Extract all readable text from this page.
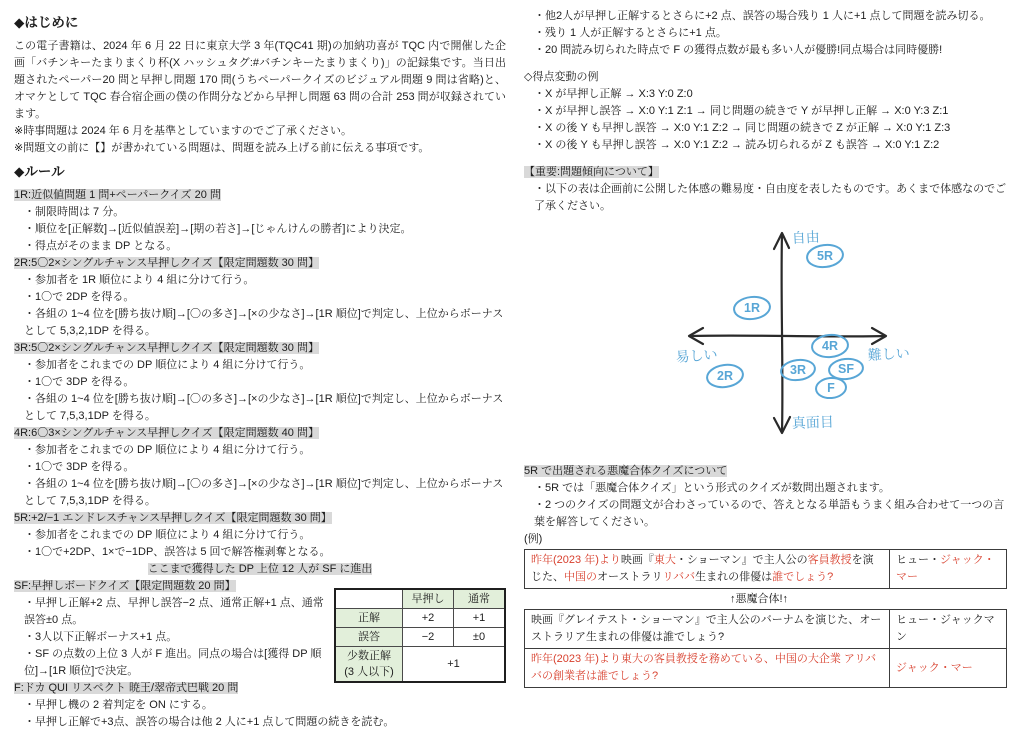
◆はじめに

この電子書籍は、2024 年 6 月 22 日に東京大学 3 年(TQC41 期)の加納功喜が TQC 内で開催した企画「バチンキーたまりまくり杯(X ハッシュタグ:#バチンキーたまりまくり)」の記録集です。当日出題されたペーパー20 問と早押し問題 170 問(うちペーパークイズのビジュアル問題 9 問は省略)と、オマケとして TQC 春合宿企画の僕の作問分などから早押し問題 63 問の合計 253 問が収録されています。

※時事問題は 2024 年 6 月を基準としていますのでご了承ください。

※問題文の前に【】が書かれている問題は、問題を読み上げる前に伝える事項です。

◆ルール
1R:近似値問題 1 問+ペーパークイズ 20 問
・制限時間は 7 分。
・順位を[正解数]→[近似値誤差]→[期の若さ]→[じゃんけんの勝者]により決定。
・得点がそのまま DP となる。
2R:5〇2×シングルチャンス早押しクイズ【限定問題数 30 問】
・参加者を 1R 順位により 4 組に分けて行う。
・1〇で 2DP を得る。
・各組の 1~4 位を[勝ち抜け順]→[〇の多さ]→[×の少なさ]→[1R 順位]で判定し、上位からボーナスとして 5,3,2,1DP を得る。
3R:5〇2×シングルチャンス早押しクイズ【限定問題数 30 問】
・参加者をこれまでの DP 順位により 4 組に分けて行う。
・1〇で 3DP を得る。
・各組の 1~4 位を[勝ち抜け順]→[〇の多さ]→[×の少なさ]→[1R 順位]で判定し、上位からボーナスとして 7,5,3,1DP を得る。
4R:6〇3×シングルチャンス早押しクイズ【限定問題数 40 問】
・参加者をこれまでの DP 順位により 4 組に分けて行う。
・1〇で 3DP を得る。
・各組の 1~4 位を[勝ち抜け順]→[〇の多さ]→[×の少なさ]→[1R 順位]で判定し、上位からボーナスとして 7,5,3,1DP を得る。
5R:+2/−1 エンドレスチャンス早押しクイズ【限定問題数 30 問】
・参加者をこれまでの DP 順位により 4 組に分けて行う。
・1〇で+2DP、1×で−1DP、誤答は 5 回で解答権剥奪となる。
ここまで獲得した DP 上位 12 人が SF に進出
	早押し	通常
正解	+2	+1
誤答	−2	±0

少数正解
(3 人以下)	+1	
SF:早押しボードクイズ【限定問題数 20 問】
・早押し正解+2 点、早押し誤答−2 点、通常正解+1 点、通常誤答±0 点。
・3人以下正解ボーナス+1 点。
・SF の点数の上位 3 人が F 進出。同点の場合は[獲得 DP 順位]→[1R 順位]で決定。
F:ドカ QUI リスペクト 暁王/翠帝式巴戦 20 問
・早押し機の 2 着判定を ON にする。
・早押し正解で+3点、誤答の場合は他 2 人に+1 点して問題の続きを読む。
・他2人が早押し正解するとさらに+2 点、誤答の場合残り 1 人に+1 点して問題を読み切る。
・残り 1 人が正解するとさらに+1 点。
・20 問読み切られた時点で F の獲得点数が最も多い人が優勝!同点場合は同時優勝!
◇得点変動の例
・X が早押し正解 → X:3 Y:0 Z:0
・X が早押し誤答 → X:0 Y:1 Z:1 → 同じ問題の続きで Y が早押し正解 → X:0 Y:3 Z:1
・X の後 Y も早押し誤答 → X:0 Y:1 Z:2 → 同じ問題の続きで Z が正解 → X:0 Y:1 Z:3
・X の後 Y も早押し誤答 → X:0 Y:1 Z:2 → 読み切られるが Z も誤答 → X:0 Y:1 Z:2
【重要:問題傾向について】
・以下の表は企画前に公開した体感の難易度・自由度を表したものです。あくまで体感なのでご了承ください。
自由
真面目
易しい	難しい
5R
1R
4R
SF
3R
F
2R
5R で出題される悪魔合体クイズについて
・5R では「悪魔合体クイズ」という形式のクイズが数問出題されます。
・2 つのクイズの問題文が合わさっているので、答えとなる単語もうまく組み合わせて一つの言葉を解答してください。
(例)
昨年(2023 年)より映画『東大・ショーマン』で主人公の客員教授を演じた、中国のオーストラリリババ生まれの俳優は誰でしょう?	ヒュー・ジャック・マー
↑悪魔合体!↑
映画『グレイテスト・ショーマン』で主人公のバーナムを演じた、オーストラリア生まれの俳優は誰でしょう?	ヒュー・ジャックマン
昨年(2023 年)より東大の客員教授を務めている、中国の大企業 アリババの創業者は誰でしょう?	ジャック・マー
